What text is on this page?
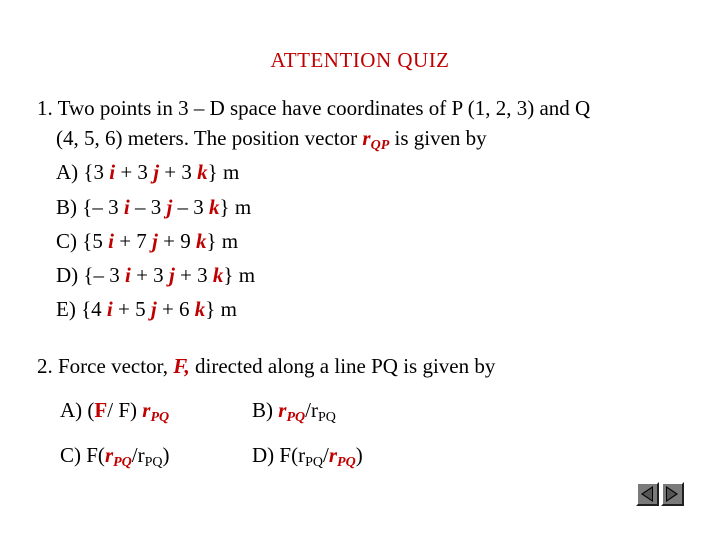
ATTENTION QUIZ
1. Two points in 3 – D space have coordinates of P (1, 2, 3) and Q
(4, 5, 6) meters. The position vector $r_{QP}$ is given by
A) {3 i + 3 j + 3 k} m
B) {– 3 i – 3 j – 3 k} m
C) {5 i + 7 j + 9 k} m
D) {– 3 i + 3 j + 3 k} m
E) {4 i + 5 j + 6 k} m
2. Force vector, F, directed along a line PQ is given by
A) (F/ F) $r_{PQ}$	B) $r_{PQ}/r_{PQ}$
C) $F(r_{PQ}/r_{PQ})$	D) $F(r_{PQ}/r_{PQ})$
